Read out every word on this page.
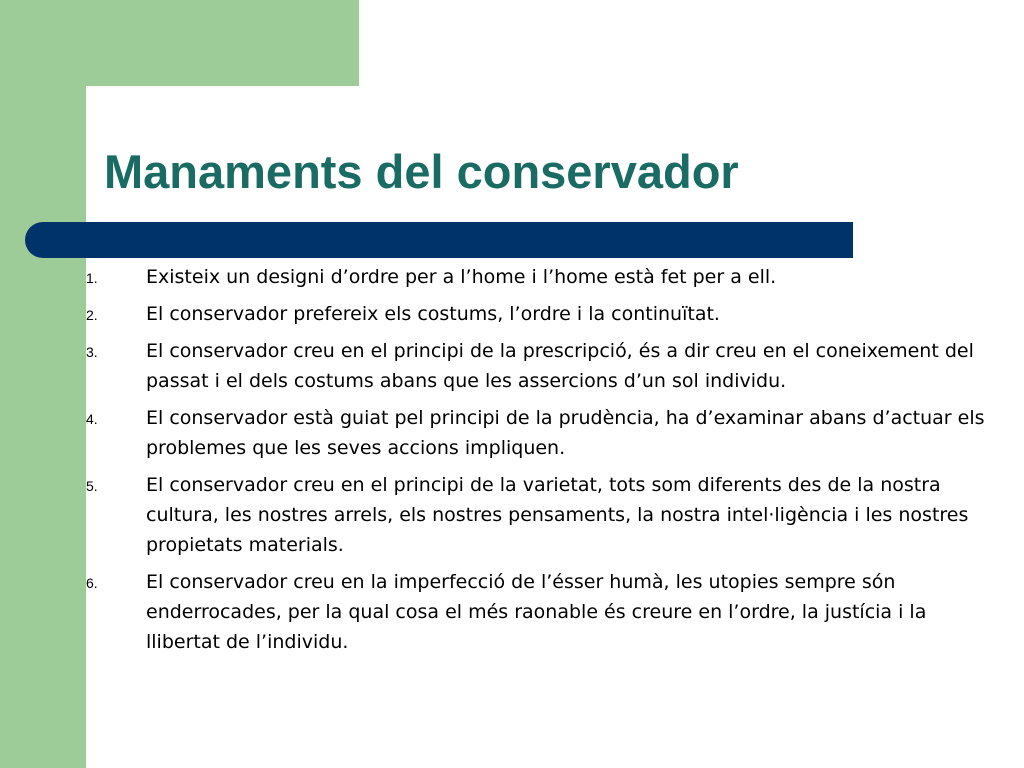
Manaments del conservador
1.	Existeix un designi d’ordre per a l’home i l’home està fet per a ell.
2.	El conservador prefereix els costums, l’ordre i la continuïtat.
3.	El conservador creu en el principi de la prescripció, és a dir creu en el coneixement del passat i el dels costums abans que les assercions d’un sol individu.
4.	El conservador està guiat pel principi de la prudència, ha d’examinar abans d’actuar els problemes que les seves accions impliquen.
5.	El conservador creu en el principi de la varietat, tots som diferents des de la nostra cultura, les nostres arrels, els nostres pensaments, la nostra intel·ligència i les nostres propietats materials.
6.	El conservador creu en la imperfecció de l’ésser humà, les utopies sempre són enderrocades, per la qual cosa el més raonable és creure en l’ordre, la justícia i la llibertat de l’individu.
